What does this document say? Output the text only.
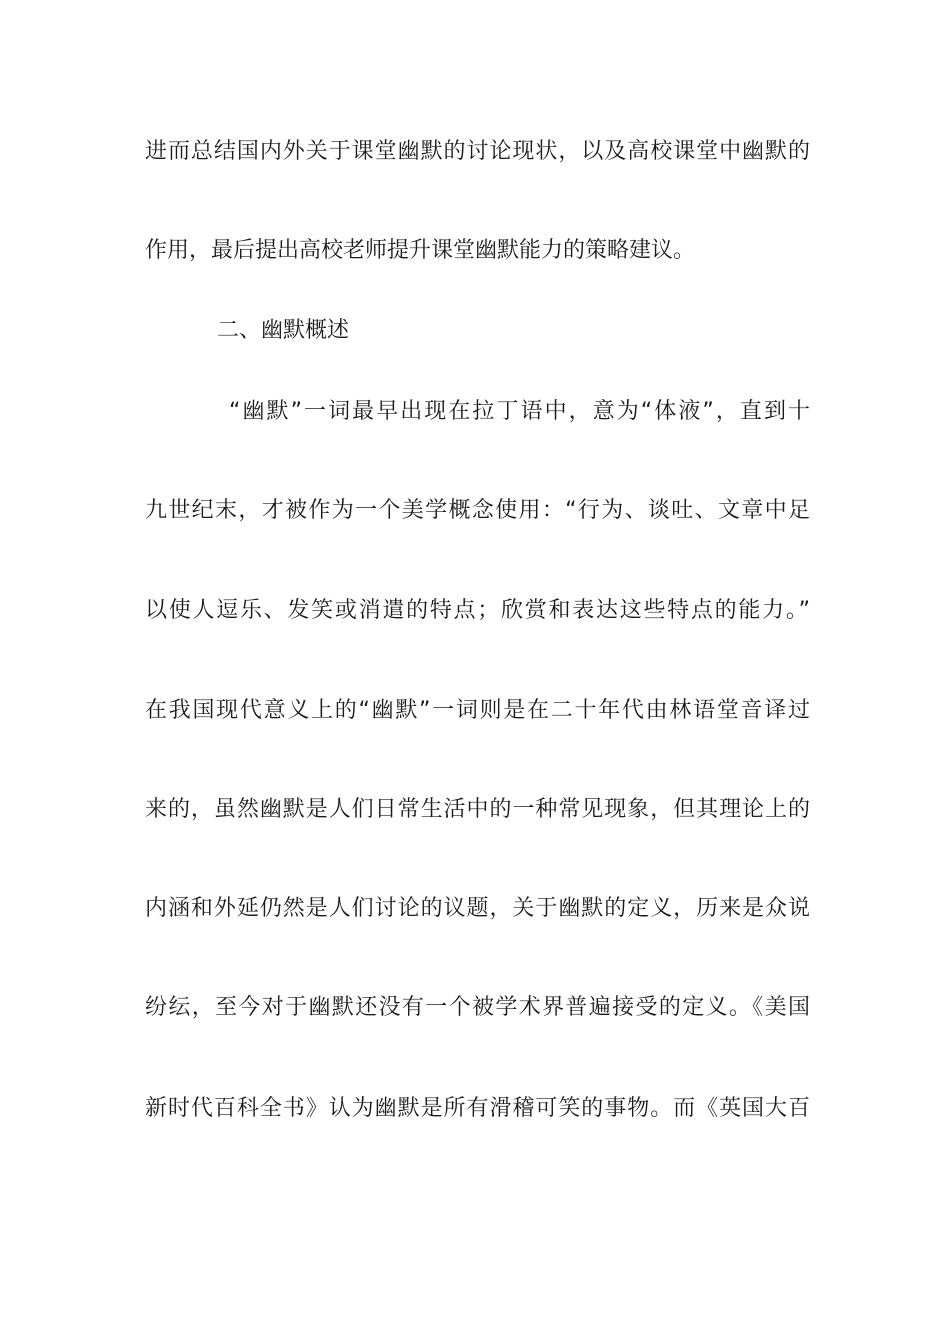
进而总结国内外关于课堂幽默的讨论现状，以及高校课堂中幽默的
作用，最后提出高校老师提升课堂幽默能力的策略建议。
二、幽默概述
“幽默”一词最早出现在拉丁语中，意为“体液”，直到十
九世纪末，才被作为一个美学概念使用：“行为、谈吐、文章中足
以使人逗乐、发笑或消遣的特点；欣赏和表达这些特点的能力。”
在我国现代意义上的“幽默”一词则是在二十年代由林语堂音译过
来的，虽然幽默是人们日常生活中的一种常见现象，但其理论上的
内涵和外延仍然是人们讨论的议题，关于幽默的定义，历来是众说
纷纭，至今对于幽默还没有一个被学术界普遍接受的定义。《美国
新时代百科全书》认为幽默是所有滑稽可笑的事物。而《英国大百
